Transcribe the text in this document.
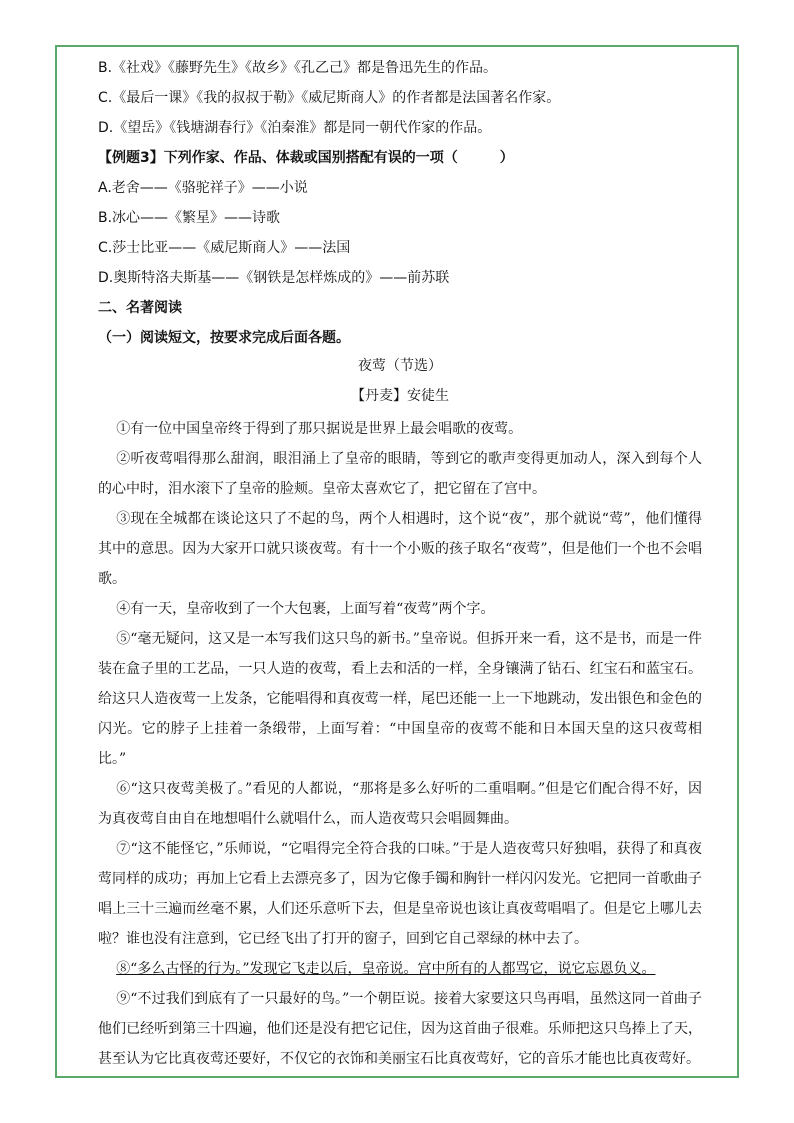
B.《社戏》《藤野先生》《故乡》《孔乙己》都是鲁迅先生的作品。

C.《最后一课》《我的叔叔于勒》《威尼斯商人》的作者都是法国著名作家。

D.《望岳》《钱塘湖春行》《泊秦淮》都是同一朝代作家的作品。

【例题3】下列作家、作品、体裁或国别搭配有误的一项（　　　）

A.老舍——《骆驼祥子》——小说

B.冰心——《繁星》——诗歌

C.莎士比亚——《威尼斯商人》——法国

D.奥斯特洛夫斯基——《钢铁是怎样炼成的》——前苏联

二、名著阅读

（一）阅读短文，按要求完成后面各题。

夜莺（节选）

【丹麦】安徒生

①有一位中国皇帝终于得到了那只据说是世界上最会唱歌的夜莺。

②听夜莺唱得那么甜润，眼泪涌上了皇帝的眼睛，等到它的歌声变得更加动人，深入到每个人的心中时，泪水滚下了皇帝的脸颊。皇帝太喜欢它了，把它留在了宫中。

③现在全城都在谈论这只了不起的鸟，两个人相遇时，这个说“夜”，那个就说“莺”，他们懂得其中的意思。因为大家开口就只谈夜莺。有十一个小贩的孩子取名“夜莺”，但是他们一个也不会唱歌。

④有一天，皇帝收到了一个大包裹，上面写着“夜莺”两个字。

⑤“毫无疑问，这又是一本写我们这只鸟的新书。”皇帝说。但拆开来一看，这不是书，而是一件装在盒子里的工艺品，一只人造的夜莺，看上去和活的一样，全身镶满了钻石、红宝石和蓝宝石。给这只人造夜莺一上发条，它能唱得和真夜莺一样，尾巴还能一上一下地跳动，发出银色和金色的闪光。它的脖子上挂着一条缎带，上面写着：“中国皇帝的夜莺不能和日本国天皇的这只夜莺相比。”

⑥“这只夜莺美极了。”看见的人都说，“那将是多么好听的二重唱啊。”但是它们配合得不好，因为真夜莺自由自在地想唱什么就唱什么，而人造夜莺只会唱圆舞曲。

⑦“这不能怪它，”乐师说，“它唱得完全符合我的口味。”于是人造夜莺只好独唱，获得了和真夜莺同样的成功；再加上它看上去漂亮多了，因为它像手镯和胸针一样闪闪发光。它把同一首歌曲子唱上三十三遍而丝毫不累，人们还乐意听下去，但是皇帝说也该让真夜莺唱唱了。但是它上哪儿去啦？谁也没有注意到，它已经飞出了打开的窗子，回到它自己翠绿的林中去了。

⑧“多么古怪的行为。”发现它飞走以后，皇帝说。宫中所有的人都骂它，说它忘恩负义。

⑨“不过我们到底有了一只最好的鸟。”一个朝臣说。接着大家要这只鸟再唱，虽然这同一首曲子他们已经听到第三十四遍，他们还是没有把它记住，因为这首曲子很难。乐师把这只鸟捧上了天，甚至认为它比真夜莺还要好，不仅它的衣饰和美丽宝石比真夜莺好，它的音乐才能也比真夜莺好。
